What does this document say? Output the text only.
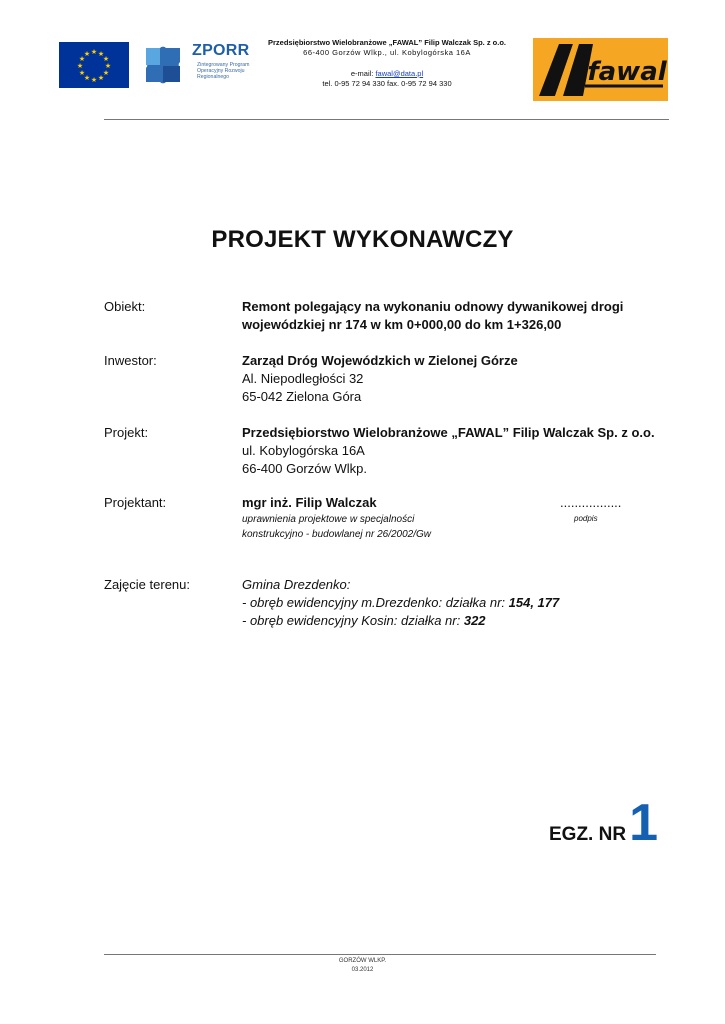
★ ★
★
★
★
★
★
★
★
★
★
★	ZPORR
Zintegrowany Program Operacyjny Rozwoju Regionalnego
Przedsiębiorstwo Wielobranżowe „FAWAL” Filip Walczak Sp. z o.o.
66-400 Gorzów Wlkp., ul. Kobylogórska 16A
e-mail: fawal@data.pl
tel. 0-95 72 94 330 fax. 0-95 72 94 330	fawal
PROJEKT WYKONAWCZY
Obiekt:	Remont polegający na wykonaniu odnowy dywanikowej drogi
wojewódzkiej nr 174 w km 0+000,00 do km 1+326,00
Inwestor:	Zarząd Dróg Wojewódzkich w Zielonej Górze
Al. Niepodległości 32
65-042 Zielona Góra
Projekt:	Przedsiębiorstwo Wielobranżowe „FAWAL” Filip Walczak Sp. z o.o.
ul. Kobylogórska 16A
66-400 Gorzów Wlkp.
Projektant:	mgr inż. Filip Walczak
uprawnienia projektowe w specjalności
konstrukcyjno - budowlanej nr 26/2002/Gw
.................
podpis
Zajęcie terenu:	Gmina Drezdenko:
- obręb ewidencyjny m.Drezdenko: działka nr: 154, 177
- obręb ewidencyjny Kosin: działka nr: 322
EGZ. NR1
GORZÓW WLKP.
03.2012
